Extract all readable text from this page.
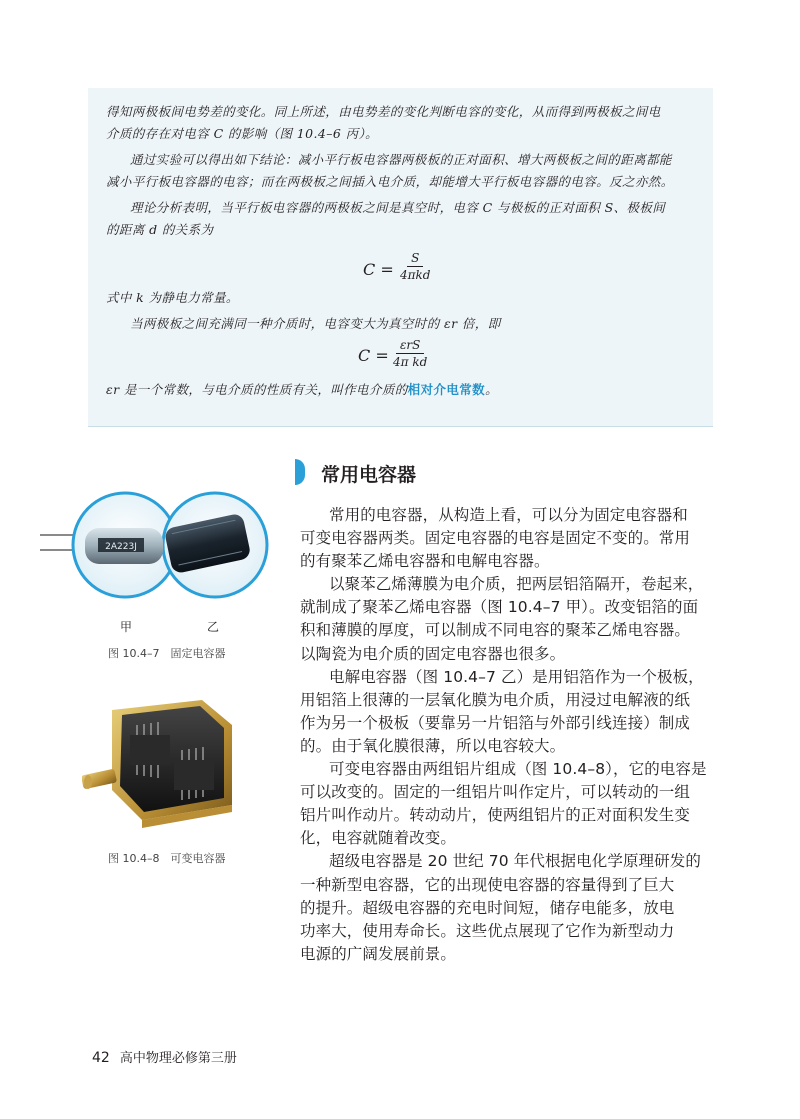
得知两极板间电势差的变化。同上所述，由电势差的变化判断电容的变化，从而得到两极板之间电

介质的存在对电容 C 的影响（图 10.4–6 丙）。

通过实验可以得出如下结论：减小平行板电容器两极板的正对面积、增大两极板之间的距离都能

减小平行板电容器的电容；而在两极板之间插入电介质，却能增大平行板电容器的电容。反之亦然。

理论分析表明，当平行板电容器的两极板之间是真空时，电容 C 与极板的正对面积 S、极板间

的距离 d 的关系为

C =
S
4πkd

式中 k 为静电力常量。

当两极板之间充满同一种介质时，电容变大为真空时的 εr 倍，即

C =
εrS
4π kd

εr 是一个常数，与电介质的性质有关，叫作电介质的相对介电常数。

常用电容器
2A223J
甲	乙
图 10.4–7　固定电容器
图 10.4–8　可变电容器
常用的电容器，从构造上看，可以分为固定电容器和
可变电容器两类。固定电容器的电容是固定不变的。常用
的有聚苯乙烯电容器和电解电容器。
以聚苯乙烯薄膜为电介质，把两层铝箔隔开，卷起来，
就制成了聚苯乙烯电容器（图 10.4–7 甲）。改变铝箔的面
积和薄膜的厚度，可以制成不同电容的聚苯乙烯电容器。
以陶瓷为电介质的固定电容器也很多。
电解电容器（图 10.4–7 乙）是用铝箔作为一个极板，
用铝箔上很薄的一层氧化膜为电介质，用浸过电解液的纸
作为另一个极板（要靠另一片铝箔与外部引线连接）制成
的。由于氧化膜很薄，所以电容较大。
可变电容器由两组铝片组成（图 10.4–8），它的电容是
可以改变的。固定的一组铝片叫作定片，可以转动的一组
铝片叫作动片。转动动片，使两组铝片的正对面积发生变
化，电容就随着改变。
超级电容器是 20 世纪 70 年代根据电化学原理研发的
一种新型电容器，它的出现使电容器的容量得到了巨大
的提升。超级电容器的充电时间短，储存电能多，放电
功率大，使用寿命长。这些优点展现了它作为新型动力
电源的广阔发展前景。
42 高中物理必修第三册
